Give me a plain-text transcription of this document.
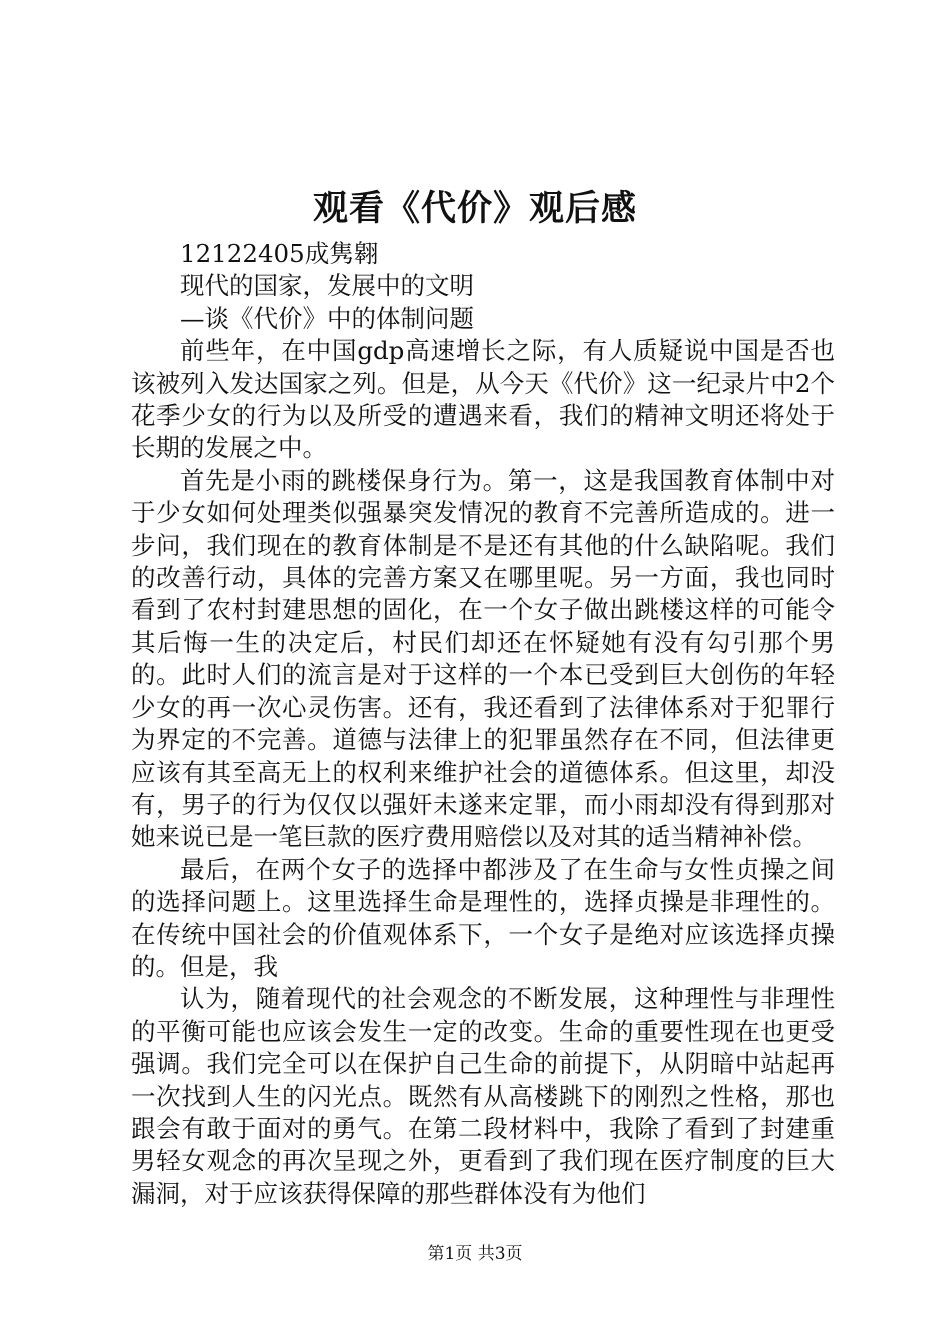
观看《代价》观后感

12122405成隽翱

现代的国家，发展中的文明

—谈《代价》中的体制问题

前些年，在中国gdp高速增长之际，有人质疑说中国是否也该被列入发达国家之列。但是，从今天《代价》这一纪录片中2个花季少女的行为以及所受的遭遇来看，我们的精神文明还将处于长期的发展之中。

首先是小雨的跳楼保身行为。第一，这是我国教育体制中对于少女如何处理类似强暴突发情况的教育不完善所造成的。进一步问，我们现在的教育体制是不是还有其他的什么缺陷呢。我们的改善行动，具体的完善方案又在哪里呢。另一方面，我也同时看到了农村封建思想的固化，在一个女子做出跳楼这样的可能令其后悔一生的决定后，村民们却还在怀疑她有没有勾引那个男的。此时人们的流言是对于这样的一个本已受到巨大创伤的年轻少女的再一次心灵伤害。还有，我还看到了法律体系对于犯罪行为界定的不完善。道德与法律上的犯罪虽然存在不同，但法律更应该有其至高无上的权利来维护社会的道德体系。但这里，却没有，男子的行为仅仅以强奸未遂来定罪，而小雨却没有得到那对她来说已是一笔巨款的医疗费用赔偿以及对其的适当精神补偿。

最后，在两个女子的选择中都涉及了在生命与女性贞操之间的选择问题上。这里选择生命是理性的，选择贞操是非理性的。在传统中国社会的价值观体系下，一个女子是绝对应该选择贞操的。但是，我

认为，随着现代的社会观念的不断发展，这种理性与非理性的平衡可能也应该会发生一定的改变。生命的重要性现在也更受强调。我们完全可以在保护自己生命的前提下，从阴暗中站起再一次找到人生的闪光点。既然有从高楼跳下的刚烈之性格，那也跟会有敢于面对的勇气。在第二段材料中，我除了看到了封建重男轻女观念的再次呈现之外，更看到了我们现在医疗制度的巨大漏洞，对于应该获得保障的那些群体没有为他们

第1页 共3页
